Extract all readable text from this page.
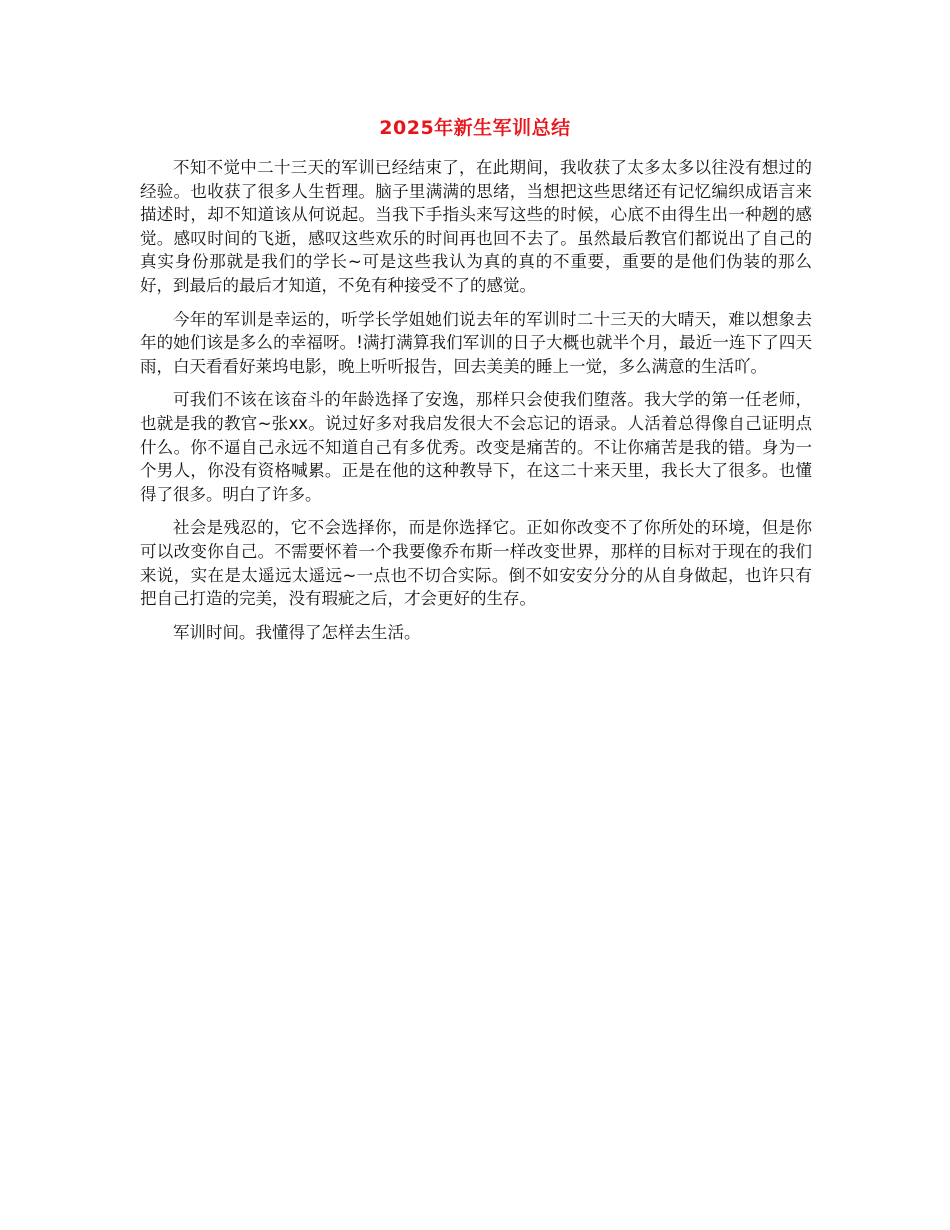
2025年新生军训总结

不知不觉中二十三天的军训已经结束了，在此期间，我收获了太多太多以往没有想过的经验。也收获了很多人生哲理。脑子里满满的思绪，当想把这些思绪还有记忆编织成语言来描述时，却不知道该从何说起。当我下手指头来写这些的时候，心底不由得生出一种趔的感觉。感叹时间的飞逝，感叹这些欢乐的时间再也回不去了。虽然最后教官们都说出了自己的真实身份那就是我们的学长~可是这些我认为真的真的不重要，重要的是他们伪装的那么好，到最后的最后才知道，不免有种接受不了的感觉。

今年的军训是幸运的，听学长学姐她们说去年的军训时二十三天的大晴天，难以想象去年的她们该是多么的幸福呀。!满打满算我们军训的日子大概也就半个月，最近一连下了四天雨，白天看看好莱坞电影，晚上听听报告，回去美美的睡上一觉，多么满意的生活吖。

可我们不该在该奋斗的年龄选择了安逸，那样只会使我们堕落。我大学的第一任老师，也就是我的教官~张xx。说过好多对我启发很大不会忘记的语录。人活着总得像自己证明点什么。你不逼自己永远不知道自己有多优秀。改变是痛苦的。不让你痛苦是我的错。身为一个男人，你没有资格喊累。正是在他的这种教导下，在这二十来天里，我长大了很多。也懂得了很多。明白了许多。

社会是残忍的，它不会选择你，而是你选择它。正如你改变不了你所处的环境，但是你可以改变你自己。不需要怀着一个我要像乔布斯一样改变世界，那样的目标对于现在的我们来说，实在是太遥远太遥远~一点也不切合实际。倒不如安安分分的从自身做起，也许只有把自己打造的完美，没有瑕疵之后，才会更好的生存。

军训时间。我懂得了怎样去生活。
